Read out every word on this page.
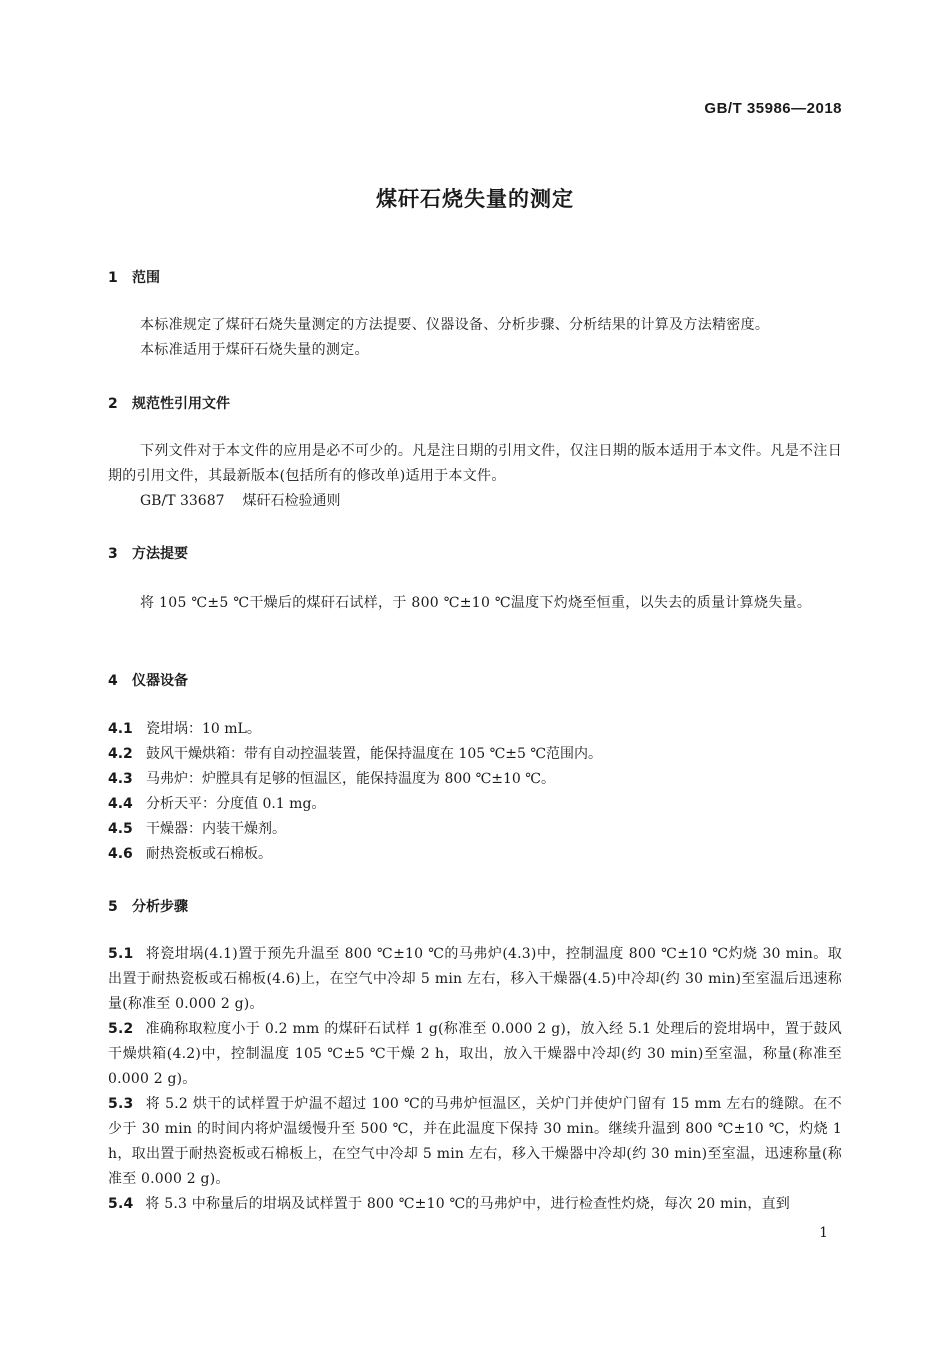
GB/T 35986—2018
煤矸石烧失量的测定
1 范围
本标准规定了煤矸石烧失量测定的方法提要、仪器设备、分析步骤、分析结果的计算及方法精密度。
本标准适用于煤矸石烧失量的测定。
2 规范性引用文件
下列文件对于本文件的应用是必不可少的。凡是注日期的引用文件，仅注日期的版本适用于本文件。凡是不注日期的引用文件，其最新版本(包括所有的修改单)适用于本文件。
GB/T 33687 煤矸石检验通则
3 方法提要
将 105 ℃±5 ℃干燥后的煤矸石试样，于 800 ℃±10 ℃温度下灼烧至恒重，以失去的质量计算烧失量。
4 仪器设备
4.1 瓷坩埚：10 mL。
4.2 鼓风干燥烘箱：带有自动控温装置，能保持温度在 105 ℃±5 ℃范围内。
4.3 马弗炉：炉膛具有足够的恒温区，能保持温度为 800 ℃±10 ℃。
4.4 分析天平：分度值 0.1 mg。
4.5 干燥器：内装干燥剂。
4.6 耐热瓷板或石棉板。
5 分析步骤
5.1 将瓷坩埚(4.1)置于预先升温至 800 ℃±10 ℃的马弗炉(4.3)中，控制温度 800 ℃±10 ℃灼烧 30 min。取出置于耐热瓷板或石棉板(4.6)上，在空气中冷却 5 min 左右，移入干燥器(4.5)中冷却(约 30 min)至室温后迅速称量(称准至 0.000 2 g)。
5.2 准确称取粒度小于 0.2 mm 的煤矸石试样 1 g(称准至 0.000 2 g)，放入经 5.1 处理后的瓷坩埚中，置于鼓风干燥烘箱(4.2)中，控制温度 105 ℃±5 ℃干燥 2 h，取出，放入干燥器中冷却(约 30 min)至室温，称量(称准至 0.000 2 g)。
5.3 将 5.2 烘干的试样置于炉温不超过 100 ℃的马弗炉恒温区，关炉门并使炉门留有 15 mm 左右的缝隙。在不少于 30 min 的时间内将炉温缓慢升至 500 ℃，并在此温度下保持 30 min。继续升温到 800 ℃±10 ℃，灼烧 1 h，取出置于耐热瓷板或石棉板上，在空气中冷却 5 min 左右，移入干燥器中冷却(约 30 min)至室温，迅速称量(称准至 0.000 2 g)。
5.4 将 5.3 中称量后的坩埚及试样置于 800 ℃±10 ℃的马弗炉中，进行检查性灼烧，每次 20 min，直到
1
